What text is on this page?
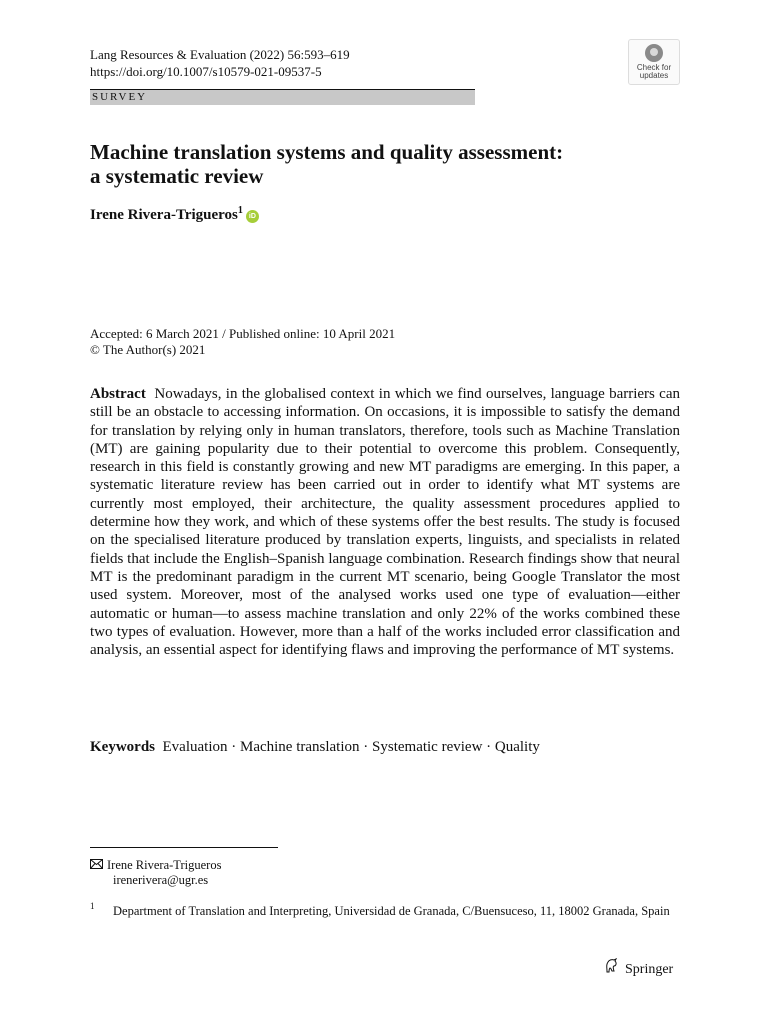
Lang Resources & Evaluation (2022) 56:593–619
https://doi.org/10.1007/s10579-021-09537-5	Check for
updates
SURVEY
Machine translation systems and quality assessment:
a systematic review
Irene Rivera-Trigueros$^1$iD
Accepted: 6 March 2021 / Published online: 10 April 2021
© The Author(s) 2021
Abstract Nowadays, in the globalised context in which we find ourselves, language barriers can still be an obstacle to accessing information. On occasions, it is impossible to satisfy the demand for translation by relying only in human translators, therefore, tools such as Machine Translation (MT) are gaining popularity due to their potential to overcome this problem. Consequently, research in this field is constantly growing and new MT paradigms are emerging. In this paper, a systematic literature review has been carried out in order to identify what MT systems are currently most employed, their architecture, the quality assessment procedures applied to determine how they work, and which of these systems offer the best results. The study is focused on the specialised literature produced by translation experts, linguists, and specialists in related fields that include the English–Spanish language combination. Research findings show that neural MT is the predominant paradigm in the current MT scenario, being Google Translator the most used system. Moreover, most of the analysed works used one type of evaluation—either automatic or human—to assess machine translation and only 22% of the works combined these two types of evaluation. However, more than a half of the works included error classification and analysis, an essential aspect for identifying flaws and improving the performance of MT systems.
Keywords Evaluation · Machine translation · Systematic review · Quality
Irene Rivera-Trigueros
irenerivera@ugr.es
1 Department of Translation and Interpreting, Universidad de Granada, C/Buensuceso, 11, 18002 Granada, Spain
Springer
